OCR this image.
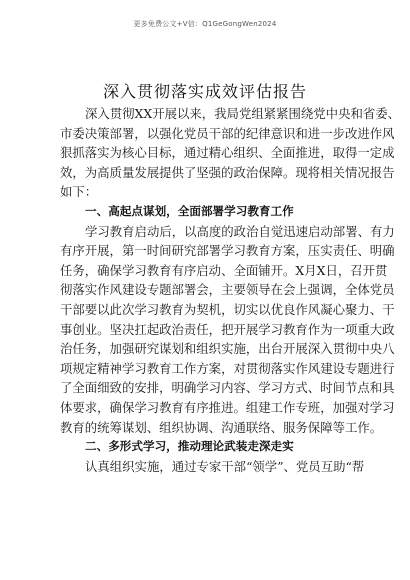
更多免费公文+V信：Q1GeGongWen2024
深入贯彻落实成效评估报告
深入贯彻XX开展以来，我局党组紧紧围绕党中央和省委、
市委决策部署，以强化党员干部的纪律意识和进一步改进作风
狠抓落实为核心目标，通过精心组织、全面推进，取得一定成
效，为高质量发展提供了坚强的政治保障。现将相关情况报告
如下：
一、高起点谋划，全面部署学习教育工作
学习教育启动后，以高度的政治自觉迅速启动部署、有力
有序开展，第一时间研究部署学习教育方案，压实责任、明确
任务，确保学习教育有序启动、全面铺开。X月X日，召开贯
彻落实作风建设专题部署会，主要领导在会上强调，全体党员
干部要以此次学习教育为契机，切实以优良作风凝心聚力、干
事创业。坚决扛起政治责任，把开展学习教育作为一项重大政
治任务，加强研究谋划和组织实施，出台开展深入贯彻中央八
项规定精神学习教育工作方案，对贯彻落实作风建设专题进行
了全面细致的安排，明确学习内容、学习方式、时间节点和具
体要求，确保学习教育有序推进。组建工作专班，加强对学习
教育的统筹谋划、组织协调、沟通联络、服务保障等工作。
二、多形式学习，推动理论武装走深走实
认真组织实施，通过专家干部“领学”、党员互助“帮
